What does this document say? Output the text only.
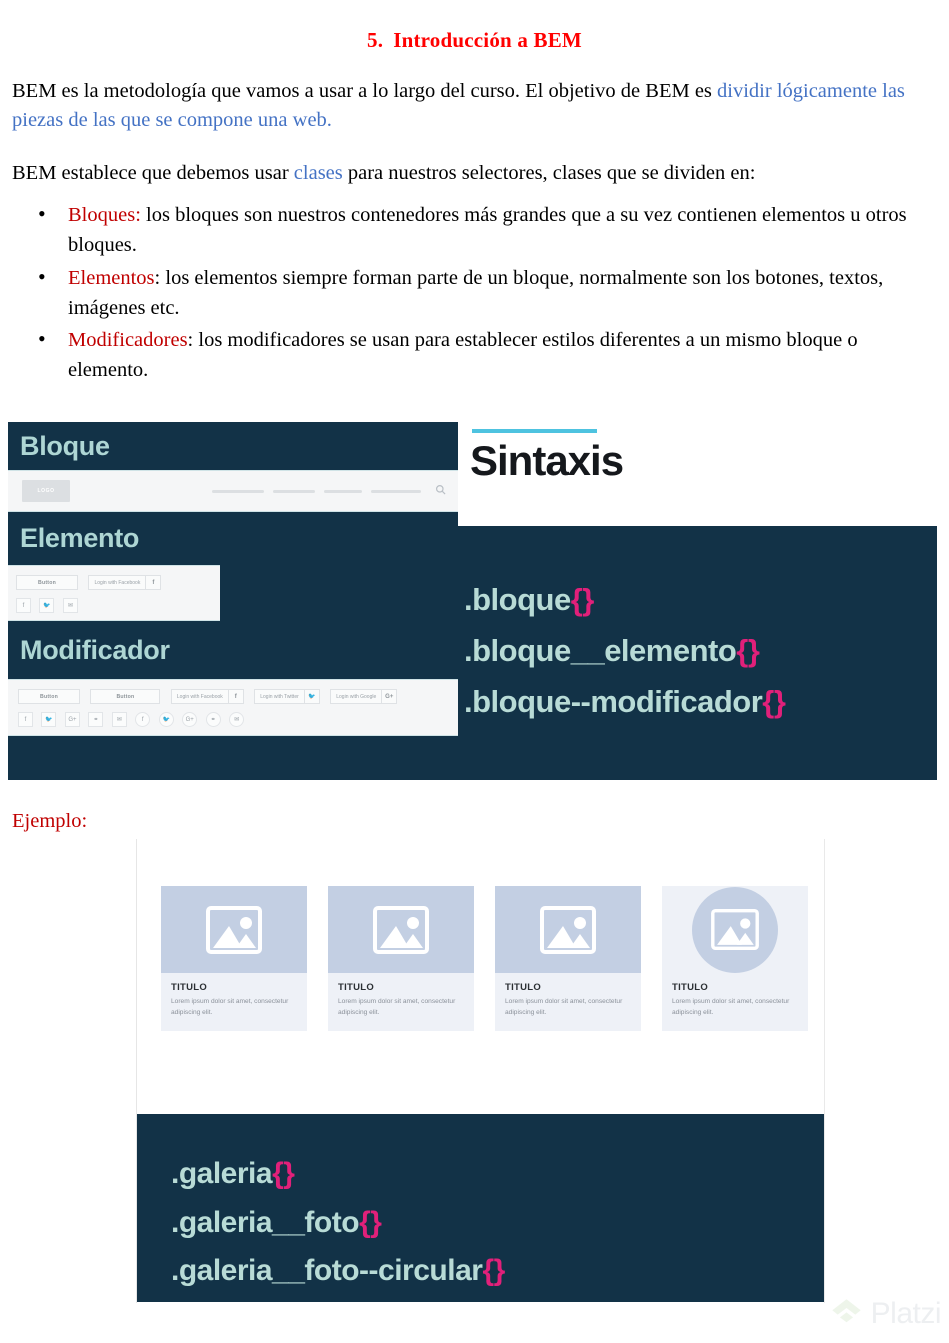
5. Introducción a BEM

BEM es la metodología que vamos a usar a lo largo del curso. El objetivo de BEM es dividir lógicamente las piezas de las que se compone una web.

BEM establece que debemos usar clases para nuestros selectores, clases que se dividen en:

• Bloques: los bloques son nuestros contenedores más grandes que a su vez contienen elementos u otros bloques.
• Elementos: los elementos siempre forman parte de un bloque, normalmente son los botones, textos, imágenes etc.
• Modificadores: los modificadores se usan para establecer estilos diferentes a un mismo bloque o elemento.
Bloque
LOGO
Elemento
Button	Login with Facebook	f
f	🐦	✉
Modificador
Button	Button	Login with Facebook	f
	Login with Twitter	🐦
	Login with Google	G+
f	🐦	G+	⚭	✉	f	🐦	G+	⚭	✉
Sintaxis
.bloque{}
.bloque__elemento{}
.bloque--modificador{}
Ejemplo:
TITULO
Lorem ipsum dolor sit amet, consectetur adipiscing elit.
TITULO
Lorem ipsum dolor sit amet, consectetur adipiscing elit.
TITULO
Lorem ipsum dolor sit amet, consectetur adipiscing elit.
TITULO
Lorem ipsum dolor sit amet, consectetur adipiscing elit.
.galeria{}
.galeria__foto{}
.galeria__foto--circular{}
Platzi
